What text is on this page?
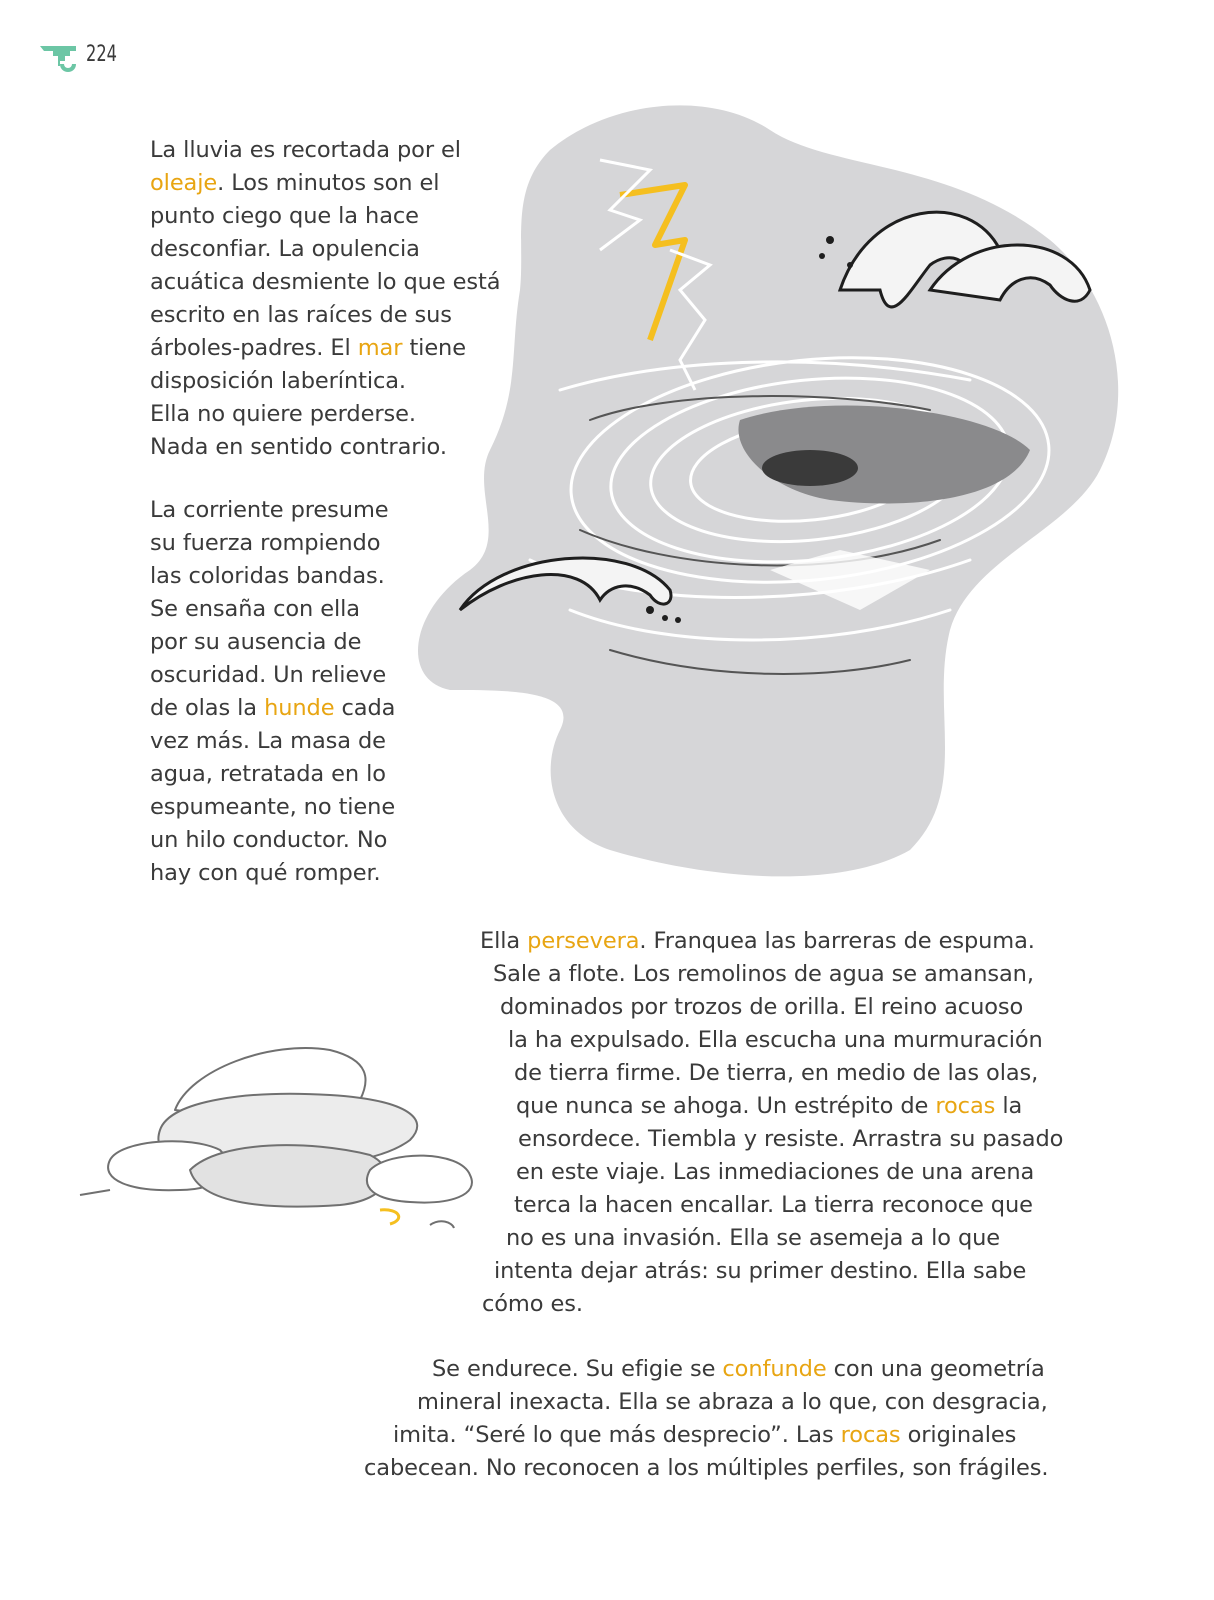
224
La lluvia es recortada por el
oleaje. Los minutos son el
punto ciego que la hace
desconfiar. La opulencia
acuática desmiente lo que está
escrito en las raíces de sus
árboles-padres. El mar tiene
disposición laberíntica.
Ella no quiere perderse.
Nada en sentido contrario.
La corriente presume
su fuerza rompiendo
las coloridas bandas.
Se ensaña con ella
por su ausencia de
oscuridad. Un relieve
de olas la hunde cada
vez más. La masa de
agua, retratada en lo
espumeante, no tiene
un hilo conductor. No
hay con qué romper.
Ella persevera. Franquea las barreras de espuma.
Sale a flote. Los remolinos de agua se amansan,
dominados por trozos de orilla. El reino acuoso
la ha expulsado. Ella escucha una murmuración
de tierra firme. De tierra, en medio de las olas,
que nunca se ahoga. Un estrépito de rocas la
ensordece. Tiembla y resiste. Arrastra su pasado
en este viaje. Las inmediaciones de una arena
terca la hacen encallar. La tierra reconoce que
no es una invasión. Ella se asemeja a lo que
intenta dejar atrás: su primer destino. Ella sabe
cómo es.
Se endurece. Su efigie se confunde con una geometría
mineral inexacta. Ella se abraza a lo que, con desgracia,
imita. “Seré lo que más desprecio”. Las rocas originales
cabecean. No reconocen a los múltiples perfiles, son frágiles.
